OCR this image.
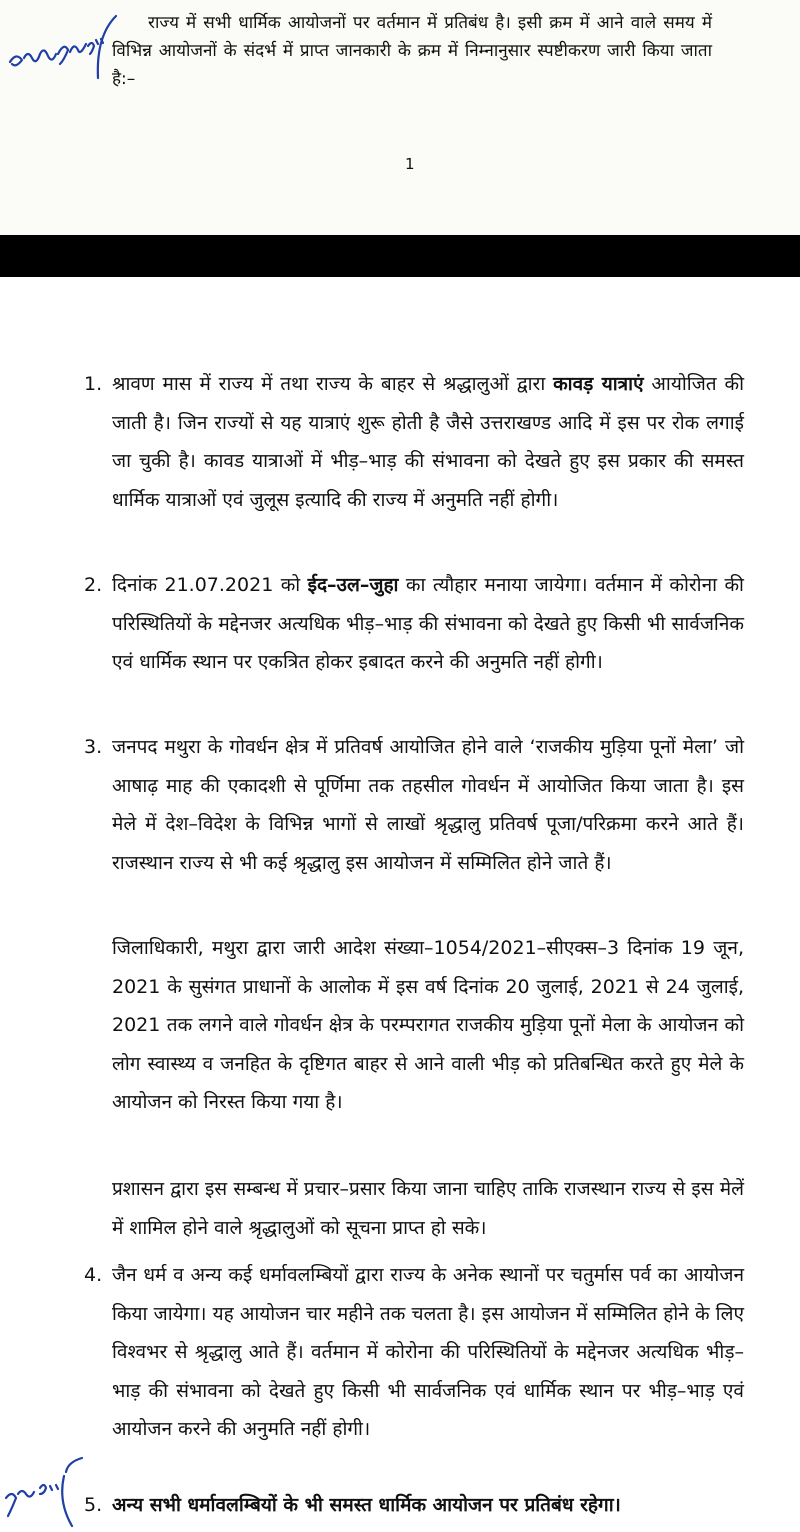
राज्य में सभी धार्मिक आयोजनों पर वर्तमान में प्रतिबंध है। इसी क्रम में आने वाले समय में विभिन्न आयोजनों के संदर्भ में प्राप्त जानकारी के क्रम में निम्नानुसार स्पष्टीकरण जारी किया जाता है:–

1
1. श्रावण मास में राज्य में तथा राज्य के बाहर से श्रद्धालुओं द्वारा कावड़ यात्राएं आयोजित की जाती है। जिन राज्यों से यह यात्राएं शुरू होती है जैसे उत्तराखण्ड आदि में इस पर रोक लगाई जा चुकी है। कावड यात्राओं में भीड़–भाड़ की संभावना को देखते हुए इस प्रकार की समस्त धार्मिक यात्राओं एवं जुलूस इत्यादि की राज्य में अनुमति नहीं होगी।
2. दिनांक 21.07.2021 को ईद–उल–जुहा का त्यौहार मनाया जायेगा। वर्तमान में कोरोना की परिस्थितियों के मद्देनजर अत्यधिक भीड़–भाड़ की संभावना को देखते हुए किसी भी सार्वजनिक एवं धार्मिक स्थान पर एकत्रित होकर इबादत करने की अनुमति नहीं होगी।
3. जनपद मथुरा के गोवर्धन क्षेत्र में प्रतिवर्ष आयोजित होने वाले ‘राजकीय मुड़िया पूनों मेला’ जो आषाढ़ माह की एकादशी से पूर्णिमा तक तहसील गोवर्धन में आयोजित किया जाता है। इस मेले में देश–विदेश के विभिन्न भागों से लाखों श्रृद्धालु प्रतिवर्ष पूजा/परिक्रमा करने आते हैं। राजस्थान राज्य से भी कई श्रृद्धालु इस आयोजन में सम्मिलित होने जाते हैं।

जिलाधिकारी, मथुरा द्वारा जारी आदेश संख्या–1054/2021–सीएक्स–3 दिनांक 19 जून, 2021 के सुसंगत प्राधानों के आलोक में इस वर्ष दिनांक 20 जुलाई, 2021 से 24 जुलाई, 2021 तक लगने वाले गोवर्धन क्षेत्र के परम्परागत राजकीय मुड़िया पूनों मेला के आयोजन को लोग स्वास्थ्य व जनहित के दृष्टिगत बाहर से आने वाली भीड़ को प्रतिबन्धित करते हुए मेले के आयोजन को निरस्त किया गया है।

प्रशासन द्वारा इस सम्बन्ध में प्रचार–प्रसार किया जाना चाहिए ताकि राजस्थान राज्य से इस मेलें में शामिल होने वाले श्रृद्धालुओं को सूचना प्राप्त हो सके।

4. जैन धर्म व अन्य कई धर्मावलम्बियों द्वारा राज्य के अनेक स्थानों पर चतुर्मास पर्व का आयोजन किया जायेगा। यह आयोजन चार महीने तक चलता है। इस आयोजन में सम्मिलित होने के लिए विश्वभर से श्रृद्धालु आते हैं। वर्तमान में कोरोना की परिस्थितियों के मद्देनजर अत्यधिक भीड़–भाड़ की संभावना को देखते हुए किसी भी सार्वजनिक एवं धार्मिक स्थान पर भीड़–भाड़ एवं आयोजन करने की अनुमति नहीं होगी।
5. अन्य सभी धर्मावलम्बियों के भी समस्त धार्मिक आयोजन पर प्रतिबंध रहेगा।
